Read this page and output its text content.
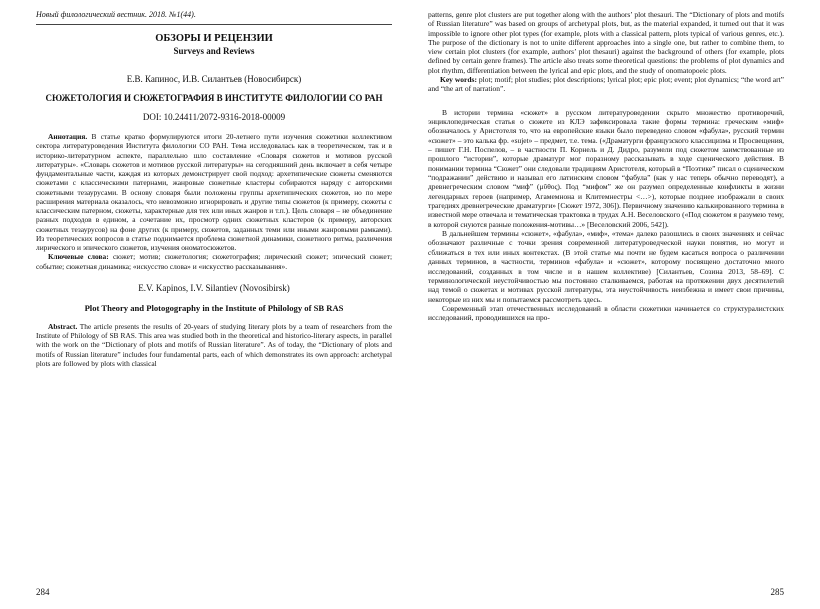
Новый филологический вестник. 2018. №1(44).

ОБЗОРЫ И РЕЦЕНЗИИ
Surveys and Reviews
Е.В. Капинос, И.В. Силантьев (Новосибирск)
СЮЖЕТОЛОГИЯ И СЮЖЕТОГРАФИЯ В ИНСТИТУТЕ ФИЛОЛОГИИ СО РАН
DOI: 10.24411/2072-9316-2018-00009

Аннотация. В статье кратко формулируются итоги 20-летнего пути изучения сюжетики коллективом сектора литературоведения Института филологии СО РАН. Тема исследовалась как в теоретическом, так и в историко-литературном аспекте, параллельно шло составление «Словаря сюжетов и мотивов русской литературы». «Словарь сюжетов и мотивов русской литературы» на сегодняшний день включает в себя четыре фундаментальные части, каждая из которых демонстрирует свой подход: архетипические сюжеты сменяются сюжетами с классическими патернами, жанровые сюжетные кластеры собираются наряду с авторскими сюжетными тезаурусами. В основу словаря были положены группы архетипических сюжетов, но по мере расширения материала оказалось, что невозможно игнорировать и другие типы сюжетов (к примеру, сюжеты с классическим патерном, сюжеты, характерные для тех или иных жанров и т.п.). Цель словаря – не объединение разных подходов в едином, а сочетание их, просмотр одних сюжетных кластеров (к примеру, авторских сюжетных тезаурусов) на фоне других (к примеру, сюжетов, заданных теми или иными жанровыми рамками). Из теоретических вопросов в статье поднимается проблема сюжетной динамики, сюжетного ритма, различения лирического и эпического сюжетов, изучения ономатосюжетов.

Ключевые слова: сюжет; мотив; сюжетология; сюжетография; лирический сюжет; эпический сюжет; событие; сюжетная динамика; «искусство слова» и «искусство рассказывания».

E.V. Kapinos, I.V. Silantiev (Novosibirsk)
Plot Theory and Plotogography in the Institute of Philology of SB RAS

Abstract. The article presents the results of 20-years of studying literary plots by a team of researchers from the Institute of Philology of SB RAS. This area was studied both in the theoretical and historico-literary aspects, in parallel with the work on the “Dictionary of plots and motifs of Russian literature”. As of today, the “Dictionary of plots and motifs of Russian literature” includes four fundamental parts, each of which demonstrates its own approach: archetypal plots are followed by plots with classical

284

patterns, genre plot clusters are put together along with the authors’ plot thesauri. The “Dictionary of plots and motifs of Russian literature” was based on groups of archetypal plots, but, as the material expanded, it turned out that it was impossible to ignore other plot types (for example, plots with a classical pattern, plots typical of various genres, etc.). The purpose of the dictionary is not to unite different approaches into a single one, but rather to combine them, to view certain plot clusters (for example, authors’ plot thesauri) against the background of others (for example, plots defined by certain genre frames). The article also treats some theoretical questions: the problems of plot dynamics and plot rhythm, differentiation between the lyrical and epic plots, and the study of onomatopoeic plots.

Key words: plot; motif; plot studies; plot descriptions; lyrical plot; epic plot; event; plot dynamics; “the word art” and “the art of narration”.

В истории термина «сюжет» в русском литературоведении скрыто множество противоречий, энциклопедическая статья о сюжете из КЛЭ зафиксировала такие формы термина: греческим «миф» обозначалось у Аристотеля то, что на европейские языки было переведено словом «фабула», русский термин «сюжет» – это калька фр. «sujet» – предмет, т.е. тема. («Драматурги французского классицизма и Просвещения, – пишет Г.Н. Поспелов, – в частности П. Корнель и Д. Дидро, разумели под сюжетом заимствованные из прошлого “истории”, которые драматург мог поразному рассказывать в ходе сценического действия. В понимании термина “Сюжет” они следовали традициям Аристотеля, который в “Поэтике” писал о сценическом “подражании” действию и называл его латинским словом “фабула” (как у нас теперь обычно переводят), а древнегреческим словом “миф” (μῦθος). Под “мифом” же он разумел определенные конфликты в жизни легендарных героев (например, Агамемнона и Клитемнестры <…>), которые позднее изображали в своих трагедиях древнегреческие драматурги» [Сюжет 1972, 306]). Первичному значению калькированного термина в известной мере отвечала и тематическая трактовка в трудах А.Н. Веселовского («Под сюжетом я разумею тему, в которой снуются разные положения-мотивы…» [Веселовский 2006, 542]).

В дальнейшем термины «сюжет», «фабула», «миф», «тема» далеко разошлись в своих значениях и сейчас обозначают различные с точки зрения современной литературоведческой науки понятия, но могут и сближаться в тех или иных контекстах. (В этой статье мы почти не будем касаться вопроса о различении данных терминов, в частности, терминов «фабула» и «сюжет», которому посвящено достаточно много исследований, созданных в том числе и в нашем коллективе) [Силантьев, Созина 2013, 58–69]. С терминологической неустойчивостью мы постоянно сталкиваемся, работая на протяжении двух десятилетий над темой о сюжетах и мотивах русской литературы, эта неустойчивость неизбежна и имеет свои причины, некоторые из них мы и попытаемся рассмотреть здесь.

Современный этап отечественных исследований в области сюжетики начинается со структуралистских исследований, проводившихся на про-

285
